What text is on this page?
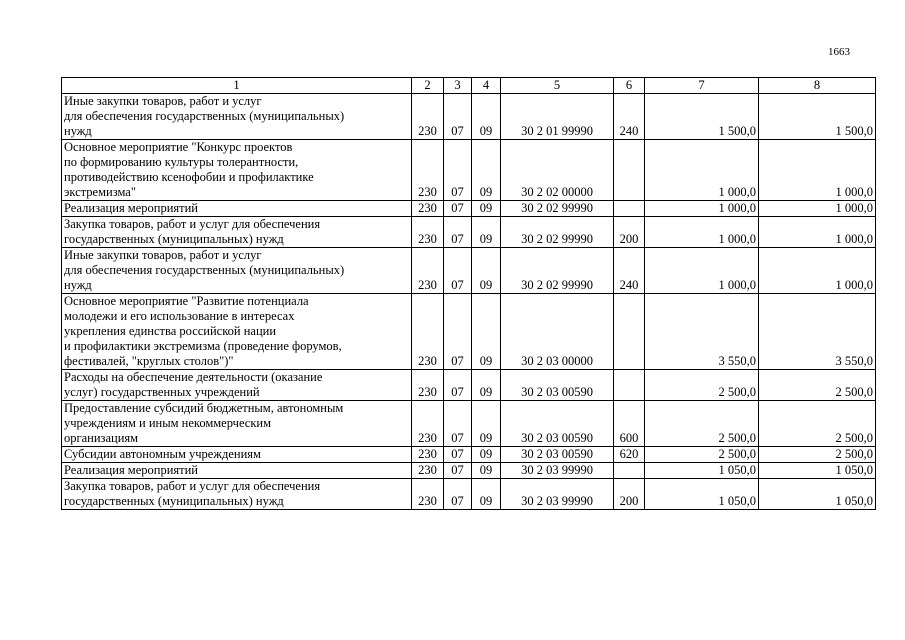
1663
1	2	3	4	5	6	7	8
Иные закупки товаров, работ и услуг
для обеспечения государственных (муниципальных)
нужд	230	07	09	30 2 01 99990	240	1 500,0	1 500,0
Основное мероприятие "Конкурс проектов
по формированию культуры толерантности,
противодействию ксенофобии и профилактике
экстремизма"	230	07	09	30 2 02 00000		1 000,0	1 000,0
Реализация мероприятий	230	07	09	30 2 02 99990		1 000,0	1 000,0
Закупка товаров, работ и услуг для обеспечения
государственных (муниципальных) нужд	230	07	09	30 2 02 99990	200	1 000,0	1 000,0
Иные закупки товаров, работ и услуг
для обеспечения государственных (муниципальных)
нужд	230	07	09	30 2 02 99990	240	1 000,0	1 000,0
Основное мероприятие "Развитие потенциала
молодежи и его использование в интересах
укрепления единства российской нации
и профилактики экстремизма (проведение форумов,
фестивалей, "круглых столов")"	230	07	09	30 2 03 00000		3 550,0	3 550,0
Расходы на обеспечение деятельности (оказание
услуг) государственных учреждений	230	07	09	30 2 03 00590		2 500,0	2 500,0
Предоставление субсидий бюджетным, автономным
учреждениям и иным некоммерческим
организациям	230	07	09	30 2 03 00590	600	2 500,0	2 500,0
Субсидии автономным учреждениям	230	07	09	30 2 03 00590	620	2 500,0	2 500,0
Реализация мероприятий	230	07	09	30 2 03 99990		1 050,0	1 050,0
Закупка товаров, работ и услуг для обеспечения
государственных (муниципальных) нужд	230	07	09	30 2 03 99990	200	1 050,0	1 050,0
